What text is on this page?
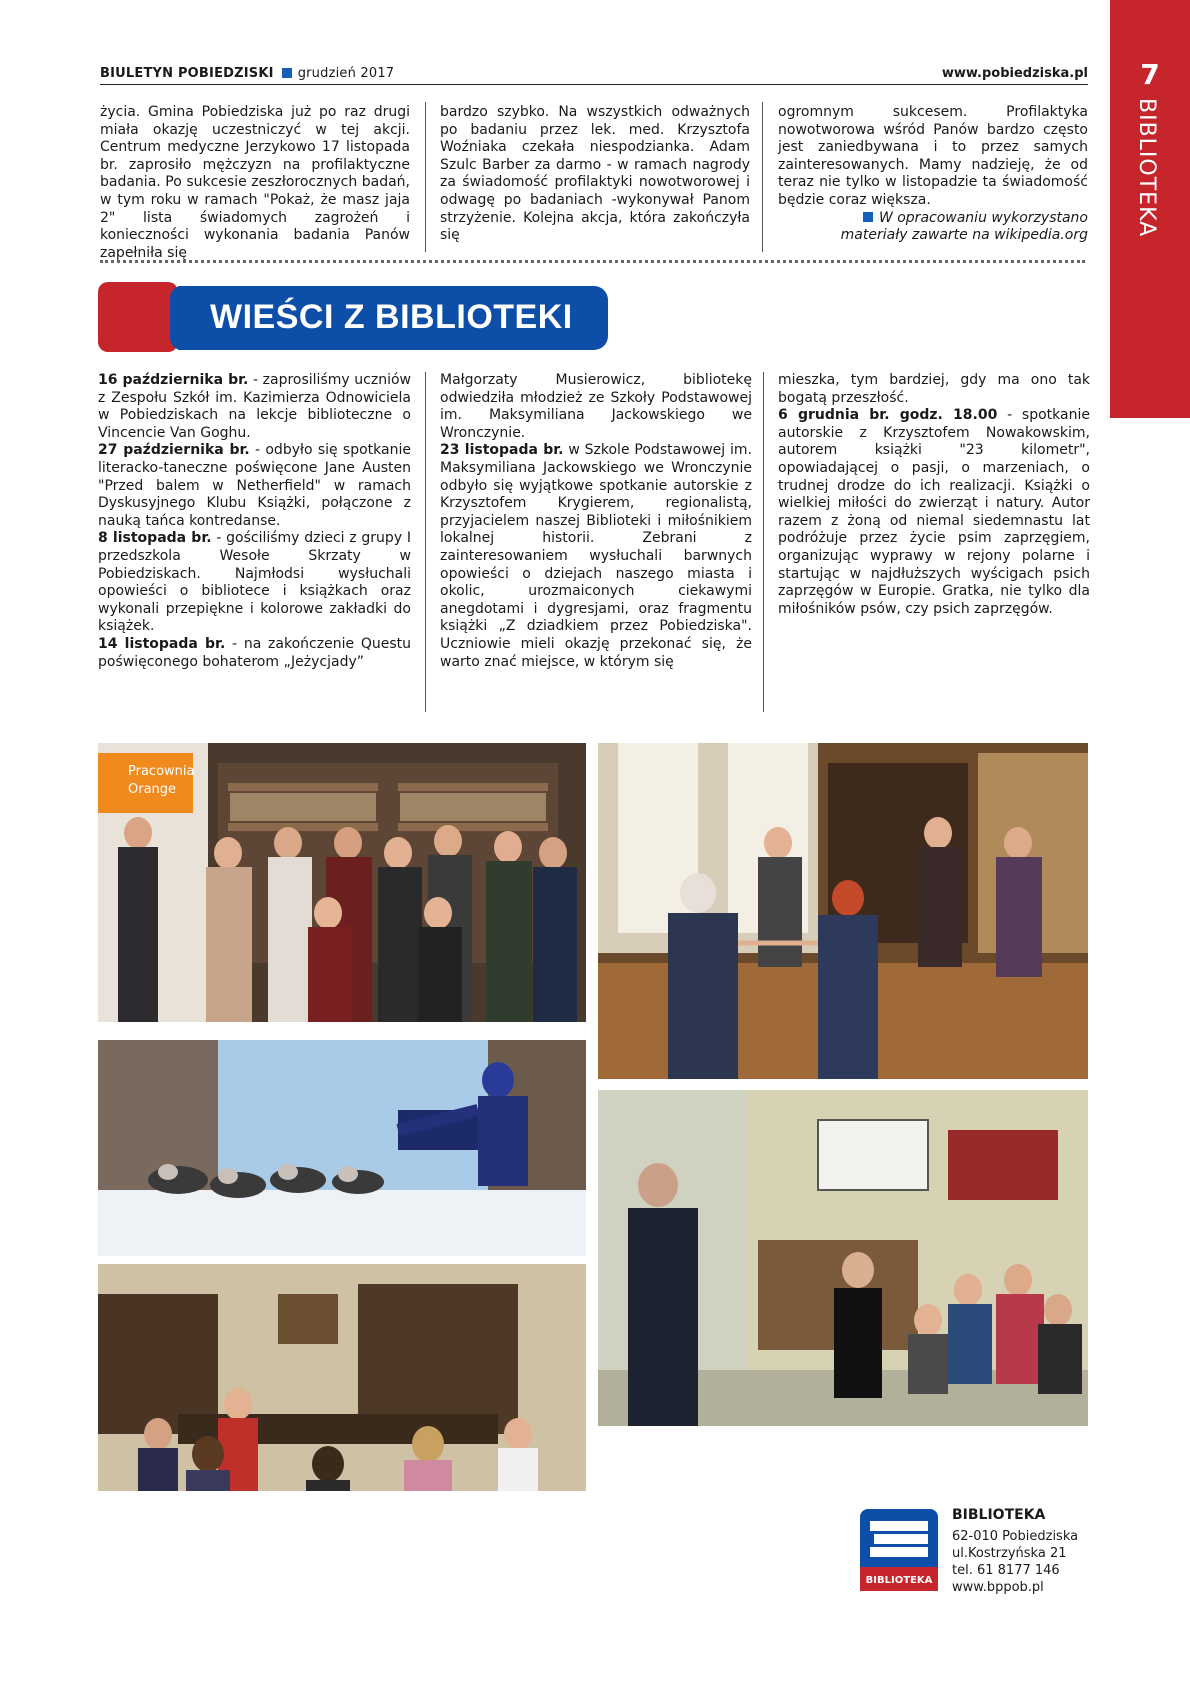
BIULETYN POBIEDZISKI grudzień 2017	www.pobiedziska.pl	7
BIBLIOTEKA

życia. Gmina Pobiedziska już po raz drugi miała okazję uczestniczyć w tej akcji. Centrum medyczne Jerzykowo 17 listopada br. zaprosiło mężczyzn na profilaktyczne badania. Po sukcesie zeszłorocznych badań, w tym roku w ramach "Pokaż, że masz jaja 2" lista świadomych zagrożeń i konieczności wykonania badania Panów zapełniła się

bardzo szybko. Na wszystkich odważnych po badaniu przez lek. med. Krzysztofa Woźniaka czekała niespodzianka. Adam Szulc Barber za darmo - w ramach nagrody za świadomość profilaktyki nowotworowej i odwagę po badaniach -wykonywał Panom strzyżenie. Kolejna akcja, która zakończyła się

ogromnym sukcesem. Profilaktyka nowotworowa wśród Panów bardzo często jest zaniedbywana i to przez samych zainteresowanych. Mamy nadzieję, że od teraz nie tylko w listopadzie ta świadomość będzie coraz większa.

W opracowaniu wykorzystano

materiały zawarte na wikipedia.org

WIEŚCI Z BIBLIOTEKI

16 października br. - zaprosiliśmy uczniów z Zespołu Szkół im. Kazimierza Odnowiciela w Pobiedziskach na lekcje biblioteczne o Vincencie Van Goghu.

27 października br. - odbyło się spotkanie literacko-taneczne poświęcone Jane Austen "Przed balem w Netherfield" w ramach Dyskusyjnego Klubu Książki, połączone z nauką tańca kontredanse.

8 listopada br. - gościliśmy dzieci z grupy I przedszkola Wesołe Skrzaty w Pobiedziskach. Najmłodsi wysłuchali opowieści o bibliotece i książkach oraz wykonali przepiękne i kolorowe zakładki do książek.

14 listopada br. - na zakończenie Questu poświęconego bohaterom „Jeżycjady”

Małgorzaty Musierowicz, bibliotekę odwiedziła młodzież ze Szkoły Podstawowej im. Maksymiliana Jackowskiego we Wronczynie.

23 listopada br. w Szkole Podstawowej im. Maksymiliana Jackowskiego we Wronczynie odbyło się wyjątkowe spotkanie autorskie z Krzysztofem Krygierem, regionalistą, przyjacielem naszej Biblioteki i miłośnikiem lokalnej historii. Zebrani z zainteresowaniem wysłuchali barwnych opowieści o dziejach naszego miasta i okolic, urozmaiconych ciekawymi anegdotami i dygresjami, oraz fragmentu książki „Z dziadkiem przez Pobiedziska". Uczniowie mieli okazję przekonać się, że warto znać miejsce, w którym się

mieszka, tym bardziej, gdy ma ono tak bogatą przeszłość.

6 grudnia br. godz. 18.00 - spotkanie autorskie z Krzysztofem Nowakowskim, autorem książki "23 kilometr", opowiadającej o pasji, o marzeniach, o trudnej drodze do ich realizacji. Książki o wielkiej miłości do zwierząt i natury. Autor razem z żoną od niemal siedemnastu lat podróżuje przez życie psim zaprzęgiem, organizując wyprawy w rejony polarne i startując w najdłuższych wyścigach psich zaprzęgów w Europie. Gratka, nie tylko dla miłośników psów, czy psich zaprzęgów.

Pracownia
Orange
BIBLIOTEKA
BIBLIOTEKA
62-010 Pobiedziska
ul.Kostrzyńska 21
tel. 61 8177 146
www.bppob.pl
